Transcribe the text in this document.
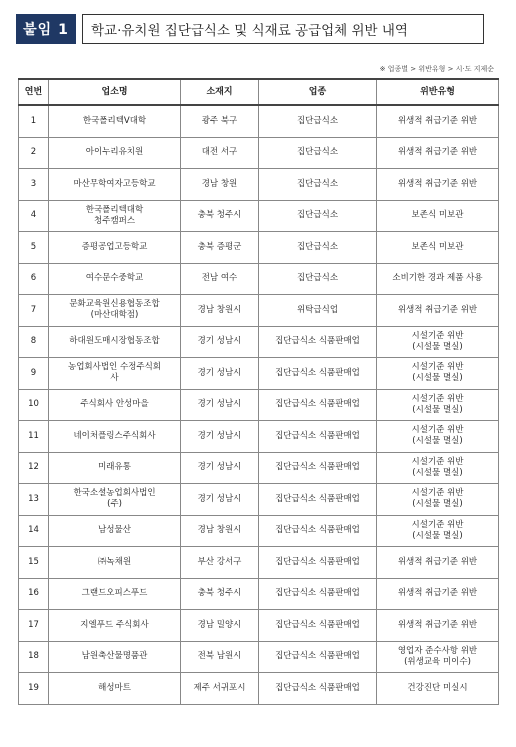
붙임 1	학교·유치원 집단급식소 및 식재료 공급업체 위반 내역
※ 업종별 > 위반유형 > 시·도 지제순
연번	업소명	소재지	업종	위반유형
1	한국폴리텍V대학	광주 북구	집단급식소	위생적 취급기준 위반
2	아이누리유치원	대전 서구	집단급식소	위생적 취급기준 위반
3	마산무학여자고등학교	경남 창원	집단급식소	위생적 취급기준 위반
4	한국폴리텍대학
청주캠퍼스	충북 청주시	집단급식소	보존식 미보관
5	증평공업고등학교	충북 증평군	집단급식소	보존식 미보관
6	여수문수중학교	전남 여수	집단급식소	소비기한 경과 제품 사용
7	문화교육원신용협동조합
(마산대학점)	경남 창원시	위탁급식업	위생적 취급기준 위반
8	하대원도매시장협동조합	경기 성남시	집단급식소 식품판매업	시설기준 위반
(시설물 멸실)
9	농업회사법인 수정주식회
사	경기 성남시	집단급식소 식품판매업	시설기준 위반
(시설물 멸실)
10	주식회사 안성마을	경기 성남시	집단급식소 식품판매업	시설기준 위반
(시설물 멸실)
11	네이처플링스주식회사	경기 성남시	집단급식소 식품판매업	시설기준 위반
(시설물 멸실)
12	미래유통	경기 성남시	집단급식소 식품판매업	시설기준 위반
(시설물 멸실)
13	한국소셜농업회사법인
(주)	경기 성남시	집단급식소 식품판매업	시설기준 위반
(시설물 멸실)
14	남성물산	경남 창원시	집단급식소 식품판매업	시설기준 위반
(시설물 멸실)
15	㈜녹채원	부산 강서구	집단급식소 식품판매업	위생적 취급기준 위반
16	그랜드오피스푸드	충북 청주시	집단급식소 식품판매업	위생적 취급기준 위반
17	지엘푸드 주식회사	경남 밀양시	집단급식소 식품판매업	위생적 취급기준 위반
18	남원축산물명품관	전북 남원시	집단급식소 식품판매업	영업자 준수사항 위반
(위생교육 미이수)
19	해성마트	제주 서귀포시	집단급식소 식품판매업	건강진단 미실시
